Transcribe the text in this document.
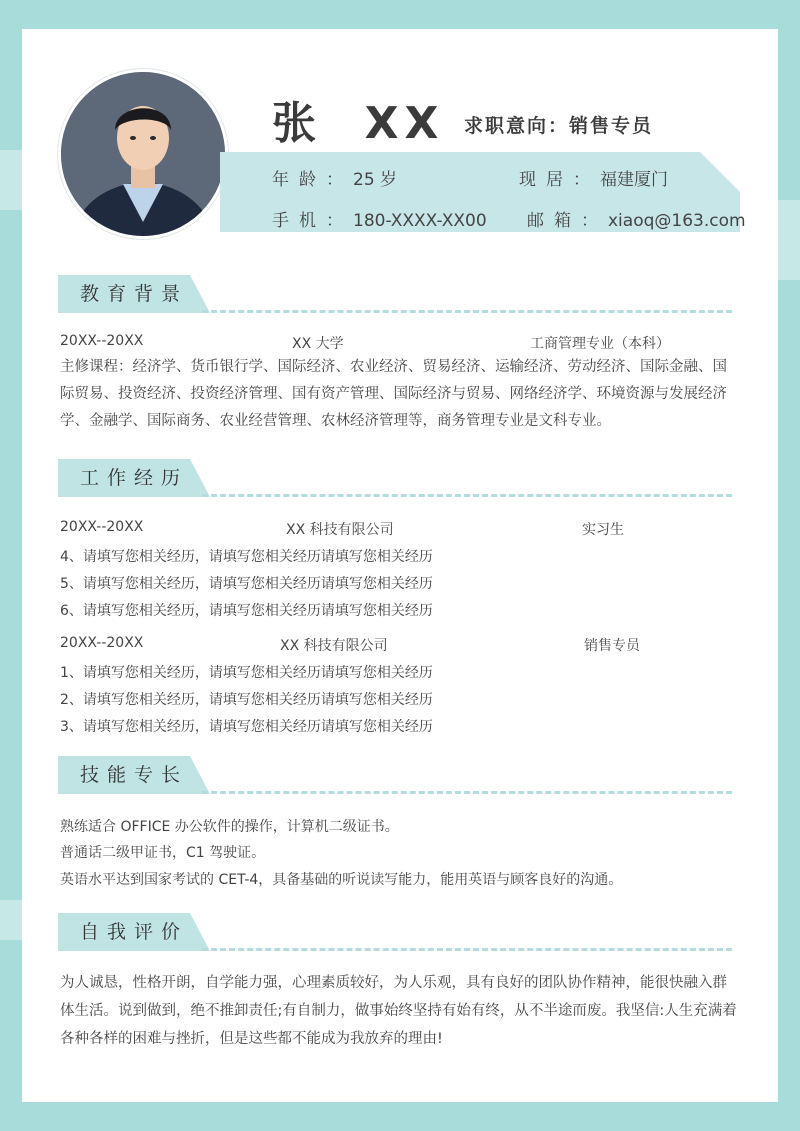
张  XX 求职意向：销售专员
年龄：25 岁	现居：福建厦门
手机：180-XXXX-XX00 邮箱：xiaoq@163.com
教育背景
20XX--20XX	XX 大学	工商管理专业（本科）
主修课程：经济学、货币银行学、国际经济、农业经济、贸易经济、运输经济、劳动经济、国际金融、国际贸易、投资经济、投资经济管理、国有资产管理、国际经济与贸易、网络经济学、环境资源与发展经济学、金融学、国际商务、农业经营管理、农林经济管理等，商务管理专业是文科专业。
工作经历
20XX--20XX	XX 科技有限公司	实习生
4、请填写您相关经历，请填写您相关经历请填写您相关经历
5、请填写您相关经历，请填写您相关经历请填写您相关经历
6、请填写您相关经历，请填写您相关经历请填写您相关经历
20XX--20XX	XX 科技有限公司	销售专员
1、请填写您相关经历，请填写您相关经历请填写您相关经历
2、请填写您相关经历，请填写您相关经历请填写您相关经历
3、请填写您相关经历，请填写您相关经历请填写您相关经历
技能专长
熟练适合 OFFICE 办公软件的操作，计算机二级证书。
普通话二级甲证书，C1 驾驶证。
英语水平达到国家考试的 CET-4，具备基础的听说读写能力，能用英语与顾客良好的沟通。
自我评价
为人诚恳，性格开朗，自学能力强，心理素质较好，为人乐观，具有良好的团队协作精神，能很快融入群体生活。说到做到，绝不推卸责任;有自制力，做事始终坚持有始有终，从不半途而废。我坚信:人生充满着各种各样的困难与挫折，但是这些都不能成为我放弃的理由!
